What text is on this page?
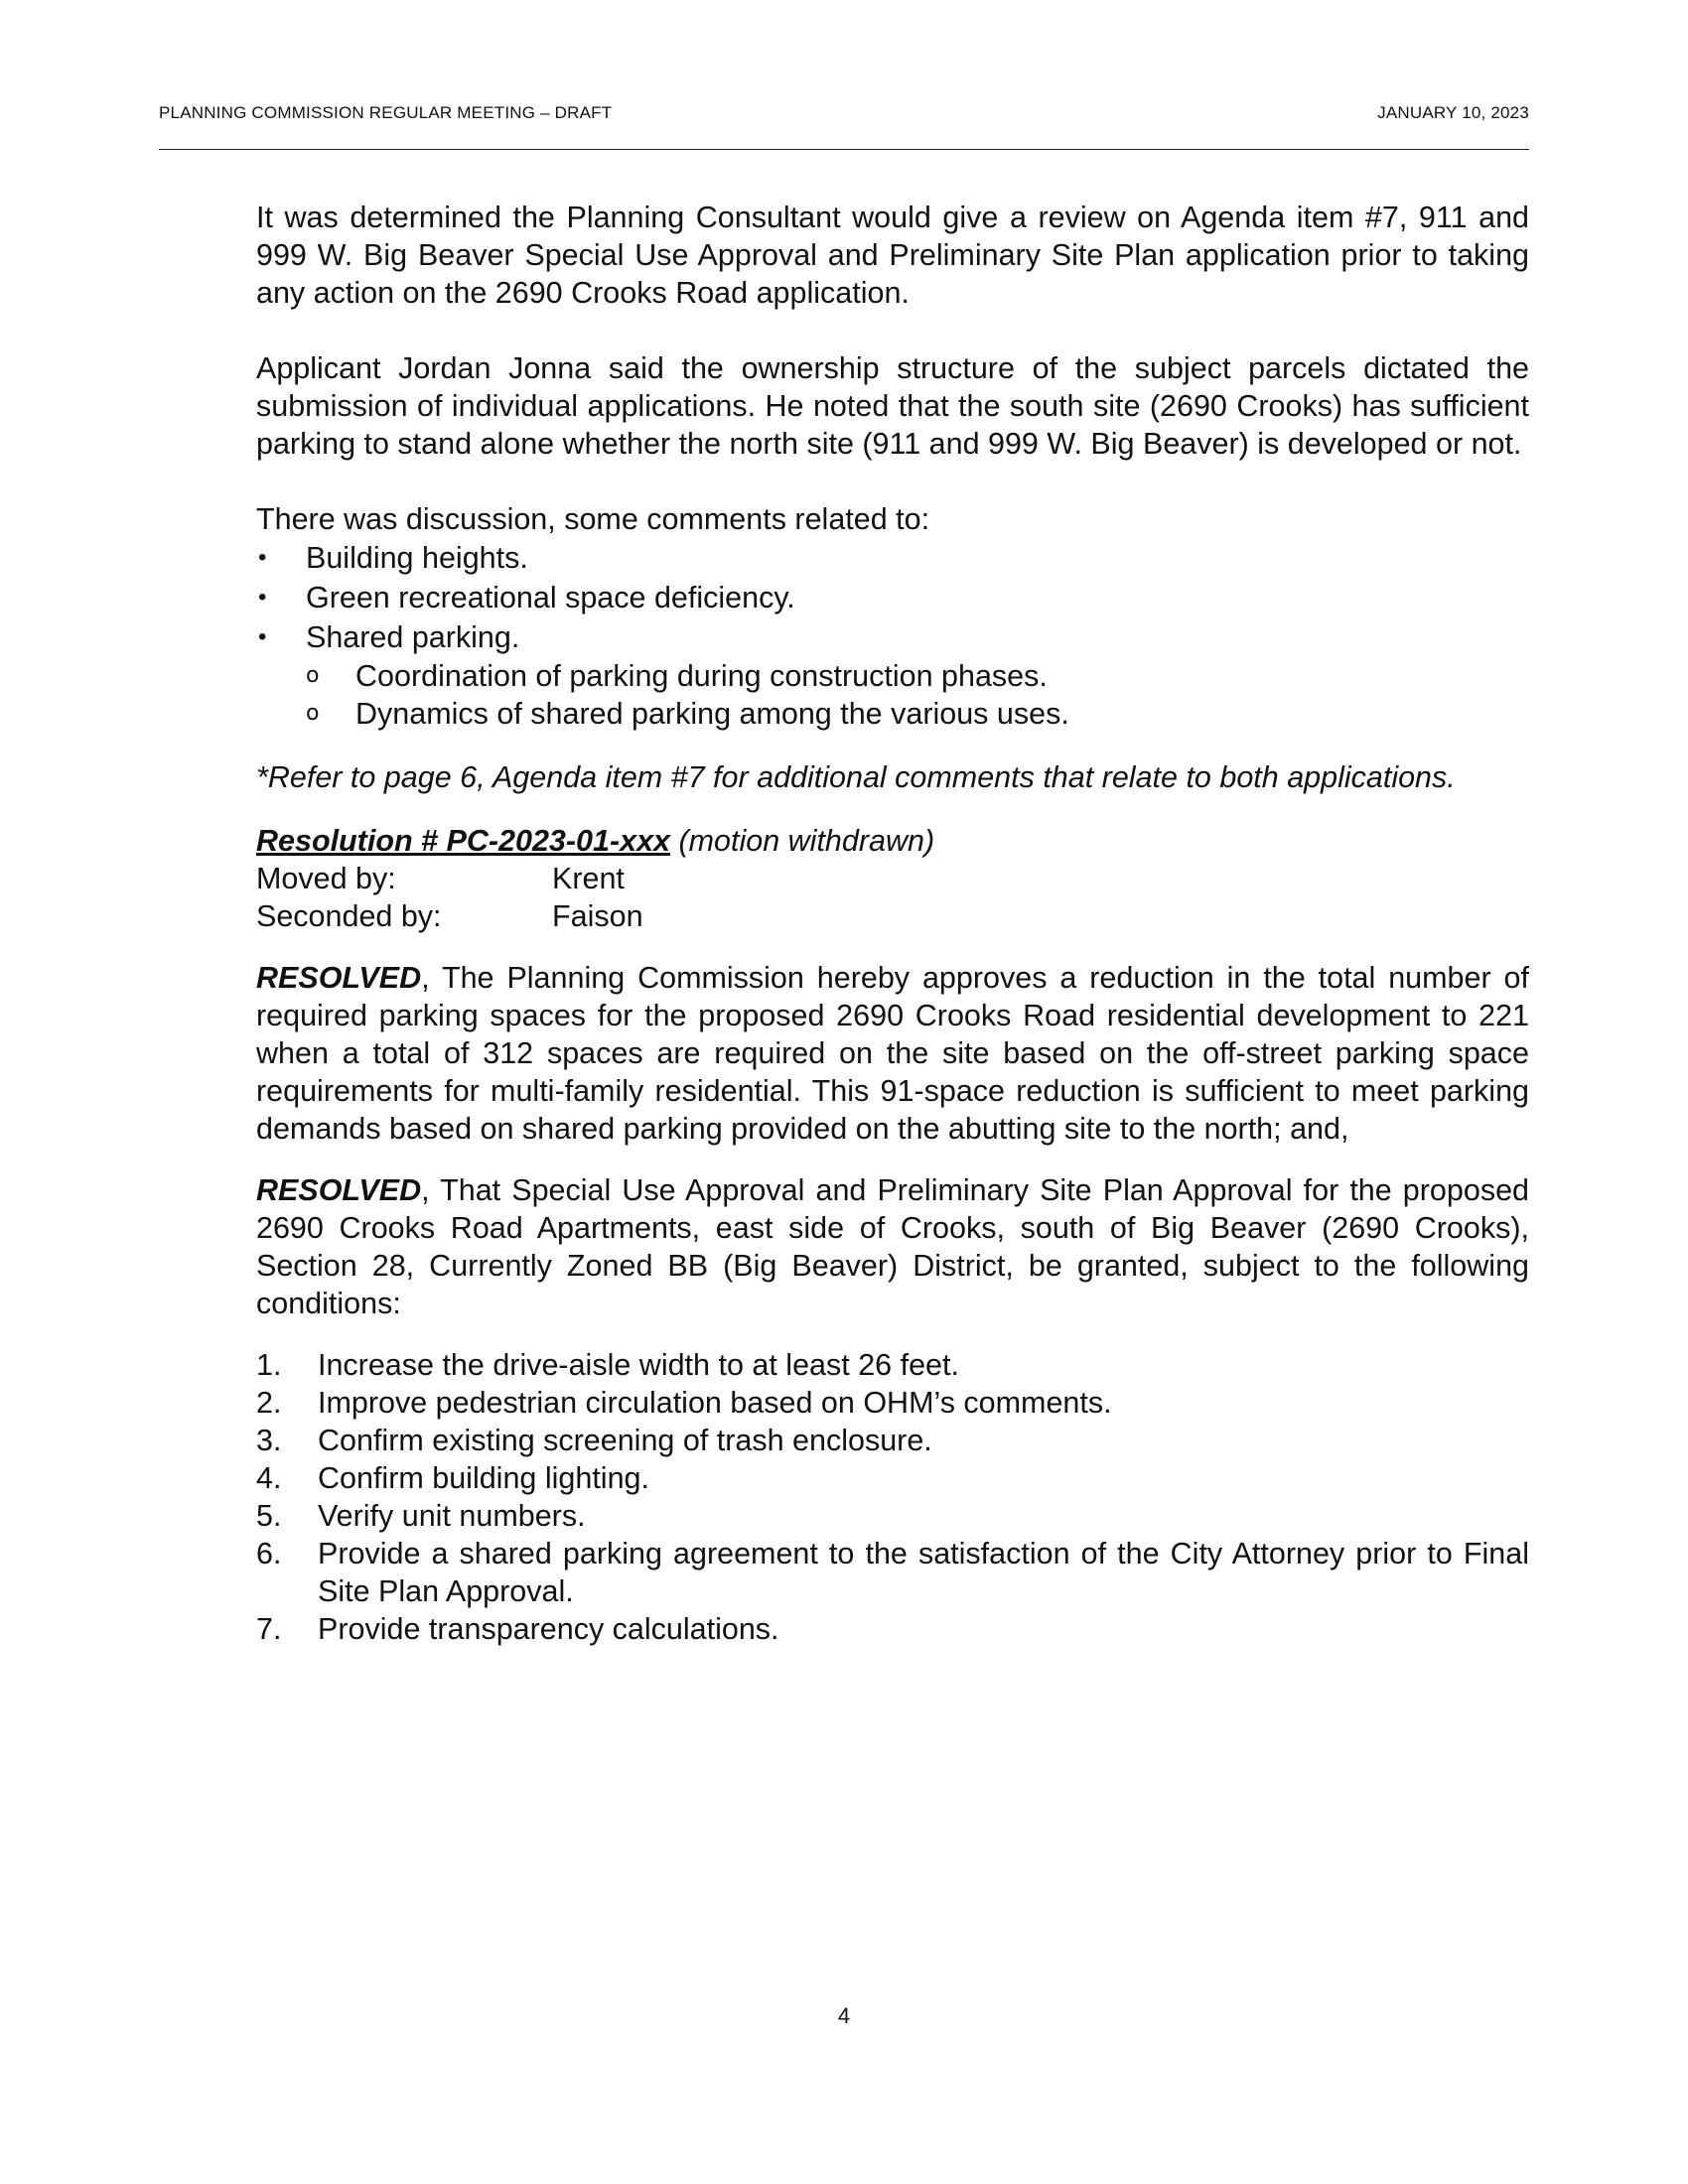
PLANNING COMMISSION REGULAR MEETING – DRAFT	JANUARY 10, 2023

It was determined the Planning Consultant would give a review on Agenda item #7, 911 and 999 W. Big Beaver Special Use Approval and Preliminary Site Plan application prior to taking any action on the 2690 Crooks Road application.

Applicant Jordan Jonna said the ownership structure of the subject parcels dictated the submission of individual applications. He noted that the south site (2690 Crooks) has sufficient parking to stand alone whether the north site (911 and 999 W. Big Beaver) is developed or not.

There was discussion, some comments related to:

• Building heights.
• Green recreational space deficiency.
• Shared parking.
o Coordination of parking during construction phases.
o Dynamics of shared parking among the various uses.

*Refer to page 6, Agenda item #7 for additional comments that relate to both applications.

Resolution # PC-2023-01-xxx (motion withdrawn)
Moved by:	Krent
Seconded by:	Faison

RESOLVED, The Planning Commission hereby approves a reduction in the total number of required parking spaces for the proposed 2690 Crooks Road residential development to 221 when a total of 312 spaces are required on the site based on the off-street parking space requirements for multi-family residential. This 91-space reduction is sufficient to meet parking demands based on shared parking provided on the abutting site to the north; and,

RESOLVED, That Special Use Approval and Preliminary Site Plan Approval for the proposed 2690 Crooks Road Apartments, east side of Crooks, south of Big Beaver (2690 Crooks), Section 28, Currently Zoned BB (Big Beaver) District, be granted, subject to the following conditions:

1. Increase the drive-aisle width to at least 26 feet.
2. Improve pedestrian circulation based on OHM’s comments.
3. Confirm existing screening of trash enclosure.
4. Confirm building lighting.
5. Verify unit numbers.
6. Provide a shared parking agreement to the satisfaction of the City Attorney prior to Final Site Plan Approval.
7. Provide transparency calculations.
4
